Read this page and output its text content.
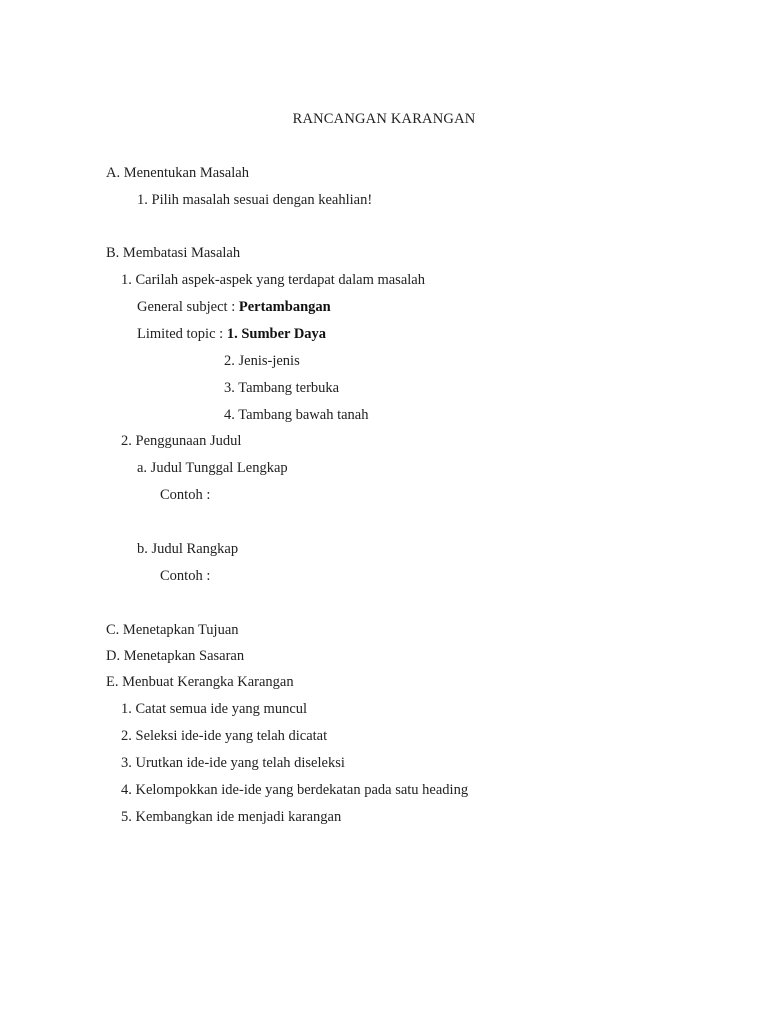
RANCANGAN KARANGAN
A. Menentukan Masalah
1. Pilih masalah sesuai dengan keahlian!
B. Membatasi Masalah
1. Carilah aspek-aspek yang terdapat dalam masalah
General subject : Pertambangan
Limited topic : 1. Sumber Daya
2. Jenis-jenis
3. Tambang terbuka
4. Tambang bawah tanah
2. Penggunaan Judul
a. Judul Tunggal Lengkap
Contoh :
b. Judul Rangkap
Contoh :
C. Menetapkan Tujuan
D. Menetapkan Sasaran
E. Menbuat Kerangka Karangan
1. Catat semua ide yang muncul
2. Seleksi ide-ide yang telah dicatat
3. Urutkan ide-ide yang telah diseleksi
4. Kelompokkan ide-ide yang berdekatan pada satu heading
5. Kembangkan ide menjadi karangan
